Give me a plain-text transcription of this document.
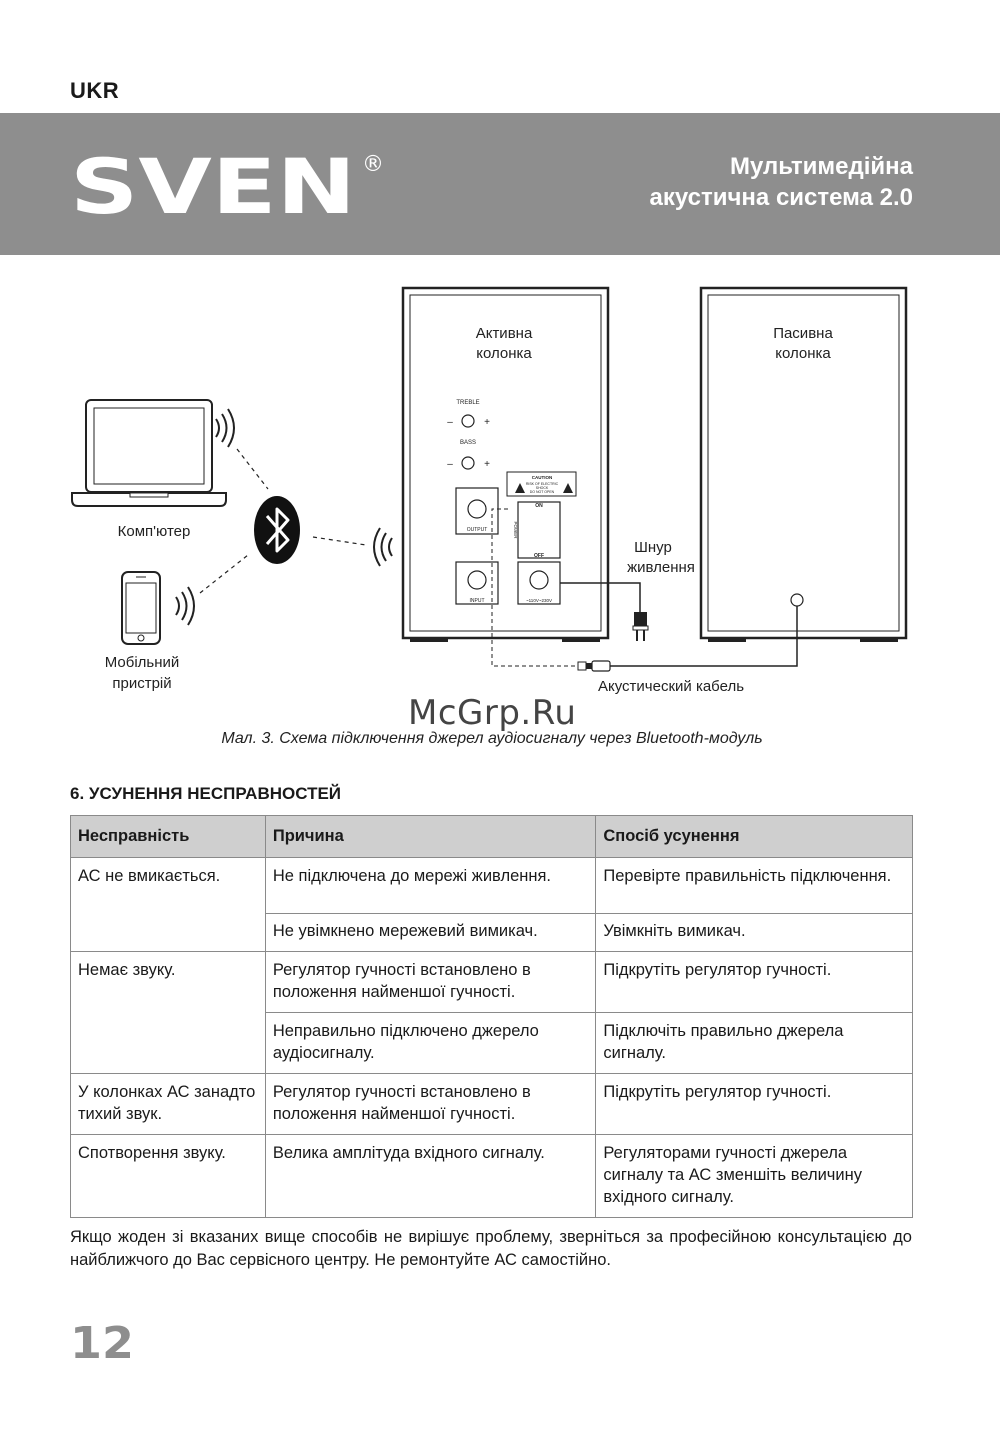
UKR
SVEN ®	Мультимедійна
акустична система 2.0
Активна
колонка
TREBLE
–	+
BASS
–	+
CAUTION
RISK OF ELECTRIC
SHOCK
DO NOT OPEN
OUTPUT
ON
OFF
POWER
INPUT	~110V~230V
Пасивна
колонка
Шнур
живлення
Акустический кабель
Комп'ютер
Мобільний
пристрій
McGrp.Ru
Мал. 3. Схема підключення джерел аудіосигналу через Bluetooth-модуль
6. УСУНЕННЯ НЕСПРАВНОСТЕЙ
Несправність	Причина	Спосіб усунення
АС не вмикається.	Не підключена до мережі живлення.	Перевірте правильність підключення.
	Не увімкнено мережевий вимикач.	Увімкніть вимикач.
Немає звуку.	Регулятор гучності встановлено в положення найменшої гучності.	Підкрутіть регулятор гучності.
	Неправильно підключено джерело аудіосигналу.	Підключіть правильно джерела сигналу.
У колонках АС занадто тихий звук.	Регулятор гучності встановлено в положення найменшої гучності.	Підкрутіть регулятор гучності.
Спотворення звуку.	Велика амплітуда вхідного сигналу.	Регуляторами гучності джерела сигналу та АС зменшіть величину вхідного сигналу.
Якщо жоден зі вказаних вище способів не вирішує проблему, зверніться за професійною консультацією до найближчого до Вас сервісного центру. Не ремонтуйте АС самостійно.
12
